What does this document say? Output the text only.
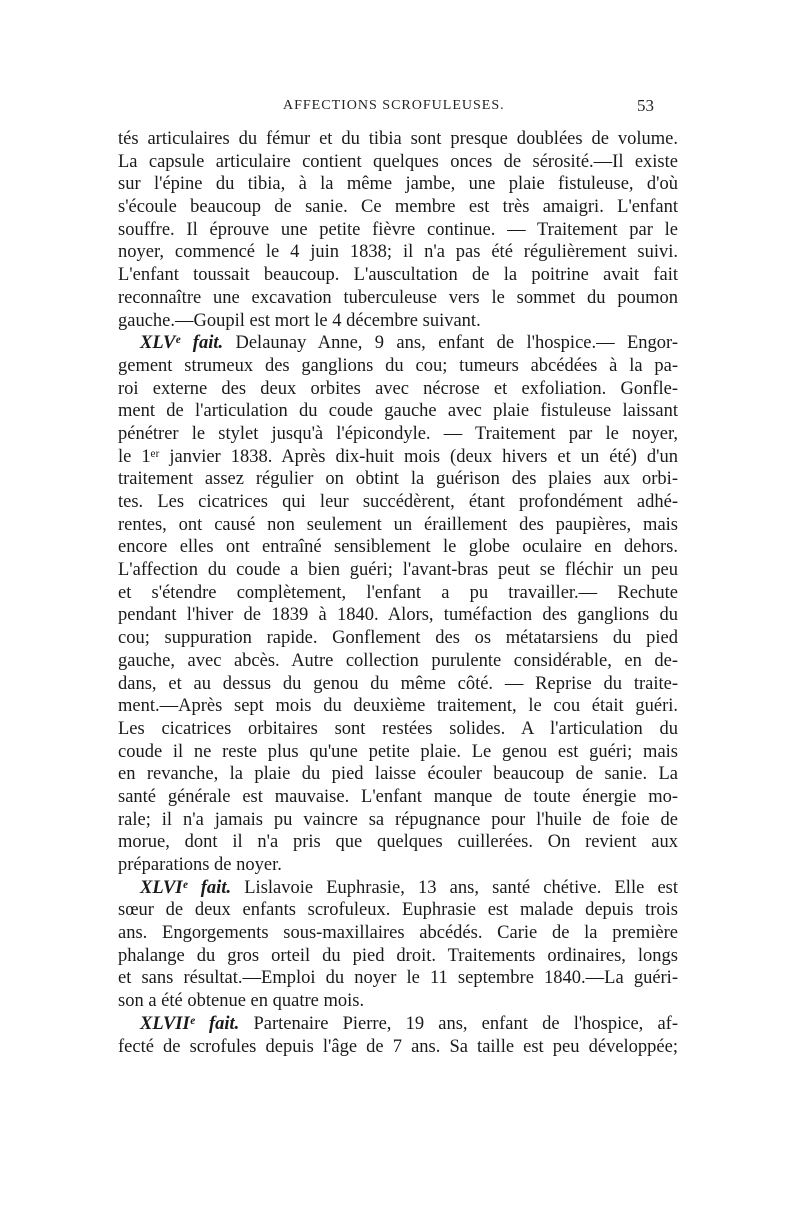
AFFECTIONS SCROFULEUSES.	53
tés articulaires du fémur et du tibia sont presque doublées de volume.
La capsule articulaire contient quelques onces de sérosité.—Il existe
sur l'épine du tibia, à la même jambe, une plaie fistuleuse, d'où
s'écoule beaucoup de sanie. Ce membre est très amaigri. L'enfant
souffre. Il éprouve une petite fièvre continue. — Traitement par le
noyer, commencé le 4 juin 1838; il n'a pas été régulièrement suivi.
L'enfant toussait beaucoup. L'auscultation de la poitrine avait fait
reconnaître une excavation tuberculeuse vers le sommet du poumon
gauche.—Goupil est mort le 4 décembre suivant.
XLVᵉ fait. Delaunay Anne, 9 ans, enfant de l'hospice.— Engor-
gement strumeux des ganglions du cou; tumeurs abcédées à la pa-
roi externe des deux orbites avec nécrose et exfoliation. Gonfle-
ment de l'articulation du coude gauche avec plaie fistuleuse laissant
pénétrer le stylet jusqu'à l'épicondyle. — Traitement par le noyer,
le 1ᵉʳ janvier 1838. Après dix-huit mois (deux hivers et un été) d'un
traitement assez régulier on obtint la guérison des plaies aux orbi-
tes. Les cicatrices qui leur succédèrent, étant profondément adhé-
rentes, ont causé non seulement un éraillement des paupières, mais
encore elles ont entraîné sensiblement le globe oculaire en dehors.
L'affection du coude a bien guéri; l'avant-bras peut se fléchir un peu
et s'étendre complètement, l'enfant a pu travailler.— Rechute
pendant l'hiver de 1839 à 1840. Alors, tuméfaction des ganglions du
cou; suppuration rapide. Gonflement des os métatarsiens du pied
gauche, avec abcès. Autre collection purulente considérable, en de-
dans, et au dessus du genou du même côté. — Reprise du traite-
ment.—Après sept mois du deuxième traitement, le cou était guéri.
Les cicatrices orbitaires sont restées solides. A l'articulation du
coude il ne reste plus qu'une petite plaie. Le genou est guéri; mais
en revanche, la plaie du pied laisse écouler beaucoup de sanie. La
santé générale est mauvaise. L'enfant manque de toute énergie mo-
rale; il n'a jamais pu vaincre sa répugnance pour l'huile de foie de
morue, dont il n'a pris que quelques cuillerées. On revient aux
préparations de noyer.
XLVIᵉ fait. Lislavoie Euphrasie, 13 ans, santé chétive. Elle est
sœur de deux enfants scrofuleux. Euphrasie est malade depuis trois
ans. Engorgements sous-maxillaires abcédés. Carie de la première
phalange du gros orteil du pied droit. Traitements ordinaires, longs
et sans résultat.—Emploi du noyer le 11 septembre 1840.—La guéri-
son a été obtenue en quatre mois.
XLVIIᵉ fait. Partenaire Pierre, 19 ans, enfant de l'hospice, af-
fecté de scrofules depuis l'âge de 7 ans. Sa taille est peu développée;
